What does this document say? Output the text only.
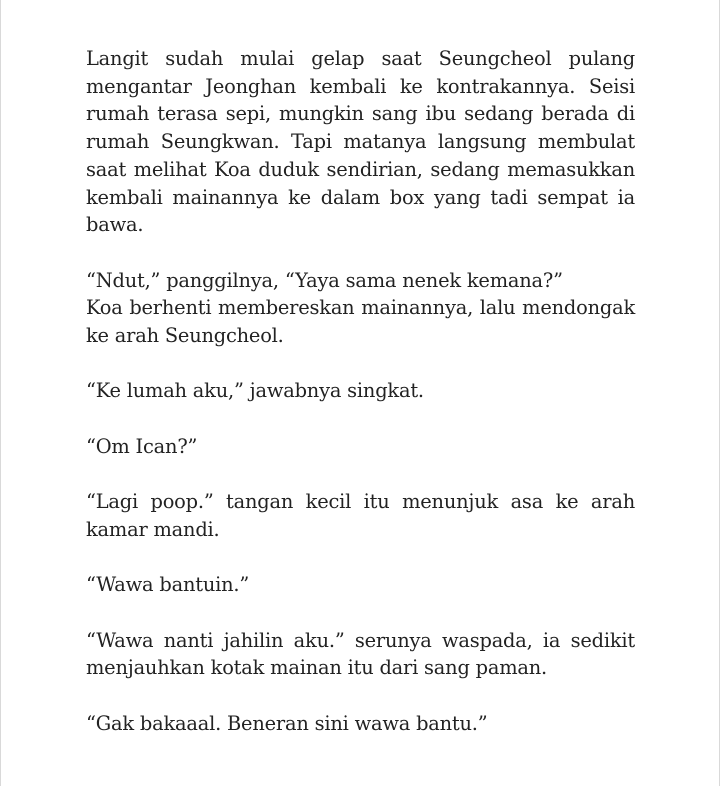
Langit sudah mulai gelap saat Seungcheol pulang mengantar Jeonghan kembali ke kontrakannya. Seisi rumah terasa sepi, mungkin sang ibu sedang berada di rumah Seungkwan. Tapi matanya langsung membulat saat melihat Koa duduk sendirian, sedang memasukkan kembali mainannya ke dalam box yang tadi sempat ia bawa.

“Ndut,” panggilnya, “Yaya sama nenek kemana?”

Koa berhenti membereskan mainannya, lalu mendongak ke arah Seungcheol.

“Ke lumah aku,” jawabnya singkat.

“Om Ican?”

“Lagi poop.” tangan kecil itu menunjuk asa ke arah kamar mandi.

“Wawa bantuin.”

“Wawa nanti jahilin aku.” serunya waspada, ia sedikit menjauhkan kotak mainan itu dari sang paman.

“Gak bakaaal. Beneran sini wawa bantu.”
